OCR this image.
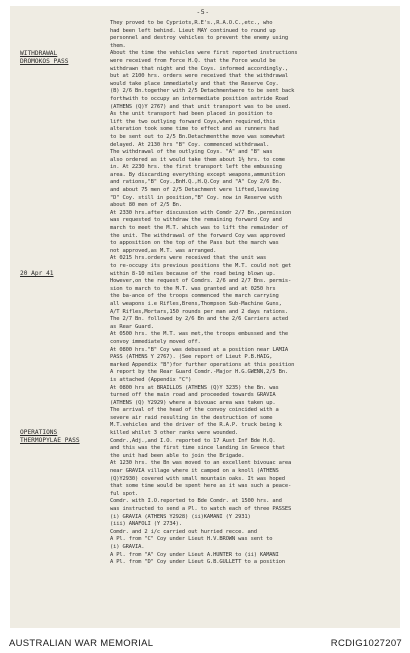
-5-
WITHDRAWAL
DROMOKOS PASS
20 Apr 41
OPERATIONS
THERMOPYLAE PASS
They proved to be Cypriots,R.E's.,R.A.O.C.,etc., who
had been left behind. Lieut MAY continued to round up
personnel and destroy vehicles to prevent the enemy using
them.
About the time the vehicles were first reported instructions
were received from Force H.Q. that the Force would be
withdrawn that night and the Coys. informed accordingly.,
but at 2100 hrs. orders were received that the withdrawal
would take place immediately and that the Reserve Coy.
(B) 2/6 Bn.together with 2/5 Detachmentwere to be sent back
forthwith to occupy an intermediate position astride Road
(ATHENS (Q)Y 2767) and that unit transport was to be used.
As the unit transport had been placed in position to
lift the two outlying forward Coys,when required,this
alteration took some time to effect and as runners had
to be sent out to 2/5 Bn.Detachmentthe move was somewhat
delayed. At 2130 hrs "B" Coy. commenced withdrawal.
The withdrawal of the outlying Coys. "A" and "B" was
also ordered as it would take them about 1½ hrs. to come
in. At 2230 hrs. the first transport left the embussing
area. By discarding everything except weapons,ammunition
and rations,"B" Coy.,BnH.Q.,H.Q.Coy and "A" Coy 2/6 Bn.
and about 75 men of 2/5 Detachment were lifted,leaving
"D" Coy. still in position,"B" Coy. now in Reserve with
about 80 men of 2/5 Bn.
At 2330 hrs.after discussion with Comdr 2/7 Bn.,permission
was requested to withdraw the remaining forward Coy and
march to meet the M.T. which was to lift the remainder of
the unit. The withdrawal of the forward Coy was approved
to apposition on the top of the Pass but the march was
not approved,as M.T. was arranged.
At 0215 hrs.orders were received that the unit was
to re-occupy its previous positions the M.T. could not get
within 8-10 miles because of the road being blown up.
However,on the request of Comdrs. 2/6 and 2/7 Bns. permis-
sion to march to the M.T. was granted and at 0250 hrs
the ba-ance of the troops commenced the march carrying
all weapons i.e Rifles,Brens,Thompson Sub-Machine Guns,
A/T Rifles,Mortars,150 rounds per man and 2 days rations.
The 2/7 Bn. followed by 2/6 Bn and the 2/6 Carriers acted
as Rear Guard.
At 0500 hrs. the M.T. was met,the troops embussed and the
convoy immediately moved off.
At 0800 hrs."B" Coy was debussed at a position near LAMIA
PASS (ATHENS Y 2767). (See report of Lieut P.B.HAIG,
marked Appendix "B")for further operations at this position
A report by the Rear Guard Comdr.-Major H.G.GWENN,2/5 Bn.
is attached (Appendix "C")
At 0800 hrs at BRAILLOS (ATHENS (Q)Y 3235) the Bn. was
turned off the main road and proceeded towards GRAVIA
(ATHENS (Q) Y2929) where a bivouac area was taken up.
The arrival of the head of the convoy coincided with a
severe air raid resulting in the destruction of some
M.T.vehicles and the driver of the R.A.P. truck being k
killed whilst 3 other ranks were wounded.
Comdr.,Adj.,and I.O. reported to 17 Aust Inf Bde H.Q.
and this was the first time since landing in Greece that
the unit had been able to join the Brigade.
At 1230 hrs. the Bn was moved to an excellent bivouac area
near GRAVIA village where it camped on a knoll (ATHENS
(Q)Y2930) covered with small mountain oaks. It was hoped
that some time would be spent here as it was such a peace-
ful spot.
Comdr. with I.O.reported to Bde Comdr. at 1500 hrs. and
was instructed to send a Pl. to watch each of three PASSES
(i) GRAVIA (ATHENS Y2928) (ii)KAMANI (Y 2931)
(iii) ANAFOLI (Y 2734).
Comdr. and 2 i/c carried out hurried recce. and
A Pl. from "C" Coy under Lieut H.V.BROWN was sent to
(i) GRAVIA.
A Pl. from "A" Coy under Lieut A.HUNTER to (ii) KAMANI
A Pl. from "D" Coy under Lieut G.B.GULLETT to a position
AUSTRALIAN WAR MEMORIAL	RCDIG1027207
